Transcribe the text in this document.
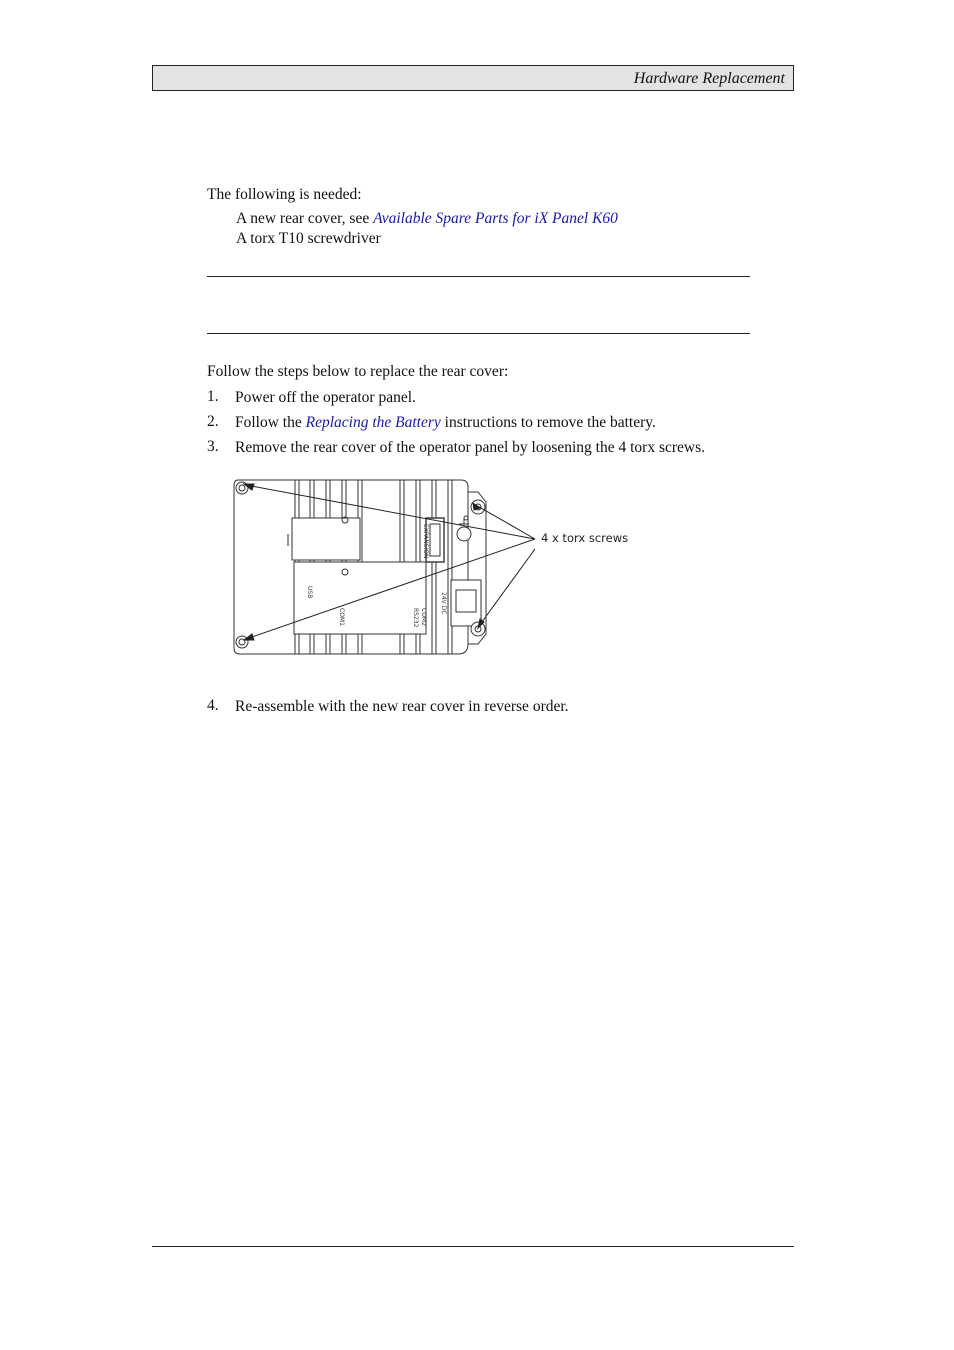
Hardware Replacement
The following is needed:
A new rear cover, see Available Spare Parts for iX Panel K60
A torx T10 screwdriver
Follow the steps below to replace the rear cover:
1. Power off the operator panel.
2. Follow the Replacing the Battery instructions to remove the battery.
3. Remove the rear cover of the operator panel by loosening the 4 torx screws.
EXPANSION
24V DC
COM2
RS232
COM1
USB
4 x torx screws
4. Re-assemble with the new rear cover in reverse order.
